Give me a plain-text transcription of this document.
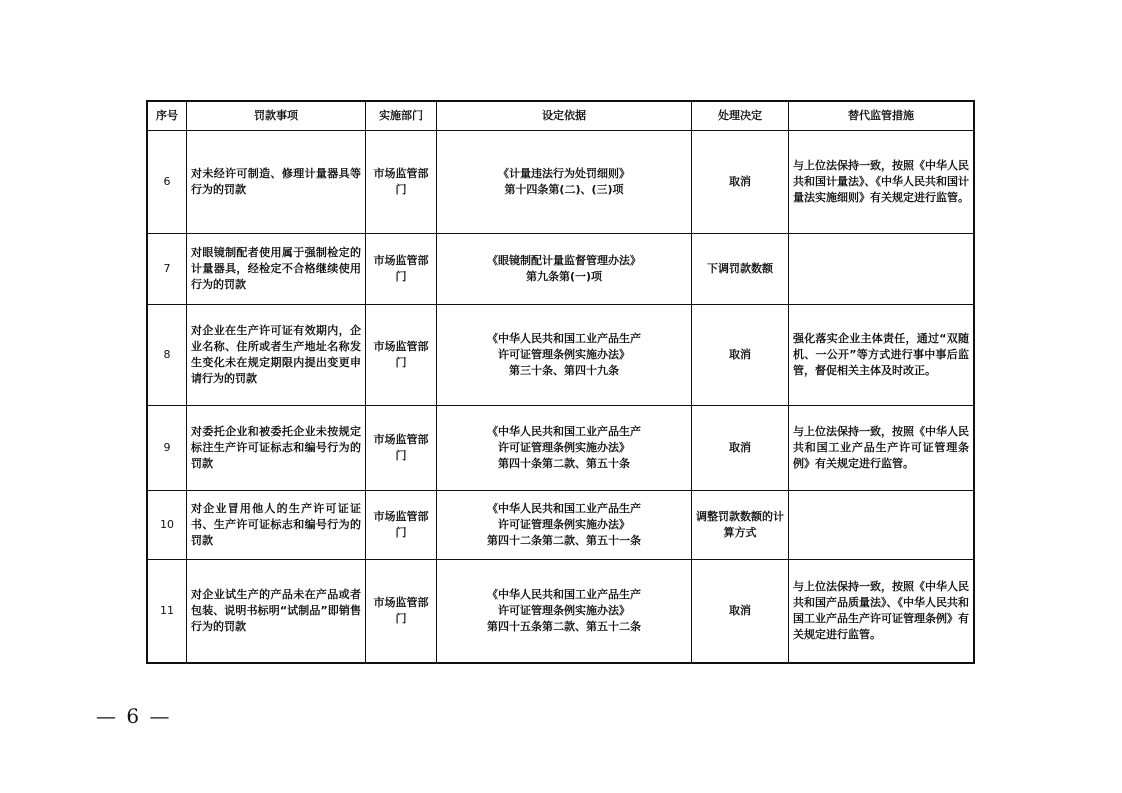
序号	罚款事项	实施部门	设定依据	处理决定	替代监管措施
6	对未经许可制造、修理计量器具等行为的罚款	市场监管部门	《计量违法行为处罚细则》
第十四条第(二)、(三)项	取消	与上位法保持一致，按照《中华人民共和国计量法》、《中华人民共和国计量法实施细则》有关规定进行监管。
7	对眼镜制配者使用属于强制检定的计量器具，经检定不合格继续使用行为的罚款	市场监管部门	《眼镜制配计量监督管理办法》
第九条第(一)项	下调罚款数额	
8	对企业在生产许可证有效期内，企业名称、住所或者生产地址名称发生变化未在规定期限内提出变更申请行为的罚款	市场监管部门	《中华人民共和国工业产品生产
许可证管理条例实施办法》
第三十条、第四十九条	取消	强化落实企业主体责任，通过“双随机、一公开”等方式进行事中事后监管，督促相关主体及时改正。
9	对委托企业和被委托企业未按规定标注生产许可证标志和编号行为的罚款	市场监管部门	《中华人民共和国工业产品生产
许可证管理条例实施办法》
第四十条第二款、第五十条	取消	与上位法保持一致，按照《中华人民共和国工业产品生产许可证管理条例》有关规定进行监管。
10	对企业冒用他人的生产许可证证书、生产许可证标志和编号行为的罚款	市场监管部门	《中华人民共和国工业产品生产
许可证管理条例实施办法》
第四十二条第二款、第五十一条	调整罚款数额的计算方式	
11	对企业试生产的产品未在产品或者包装、说明书标明“试制品”即销售行为的罚款	市场监管部门	《中华人民共和国工业产品生产
许可证管理条例实施办法》
第四十五条第二款、第五十二条	取消	与上位法保持一致，按照《中华人民共和国产品质量法》、《中华人民共和国工业产品生产许可证管理条例》有关规定进行监管。
— 6 —
